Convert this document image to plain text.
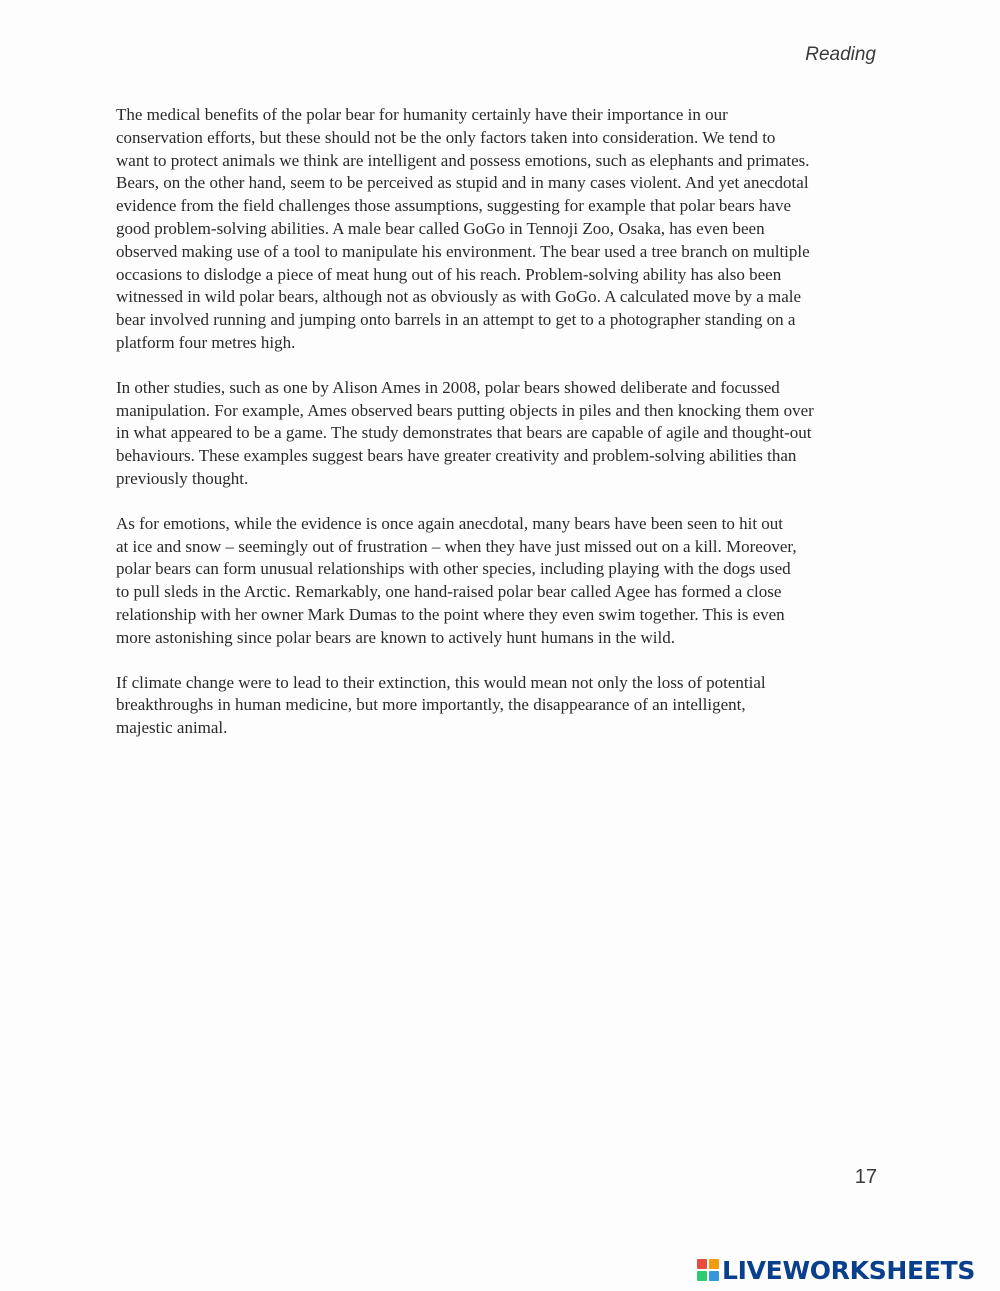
Reading

The medical benefits of the polar bear for humanity certainly have their importance in our
conservation efforts, but these should not be the only factors taken into consideration. We tend to
want to protect animals we think are intelligent and possess emotions, such as elephants and primates.
Bears, on the other hand, seem to be perceived as stupid and in many cases violent. And yet anecdotal
evidence from the field challenges those assumptions, suggesting for example that polar bears have
good problem-solving abilities. A male bear called GoGo in Tennoji Zoo, Osaka, has even been
observed making use of a tool to manipulate his environment. The bear used a tree branch on multiple
occasions to dislodge a piece of meat hung out of his reach. Problem-solving ability has also been
witnessed in wild polar bears, although not as obviously as with GoGo. A calculated move by a male
bear involved running and jumping onto barrels in an attempt to get to a photographer standing on a
platform four metres high.

In other studies, such as one by Alison Ames in 2008, polar bears showed deliberate and focussed
manipulation. For example, Ames observed bears putting objects in piles and then knocking them over
in what appeared to be a game. The study demonstrates that bears are capable of agile and thought-out
behaviours. These examples suggest bears have greater creativity and problem-solving abilities than
previously thought.

As for emotions, while the evidence is once again anecdotal, many bears have been seen to hit out
at ice and snow – seemingly out of frustration – when they have just missed out on a kill. Moreover,
polar bears can form unusual relationships with other species, including playing with the dogs used
to pull sleds in the Arctic. Remarkably, one hand-raised polar bear called Agee has formed a close
relationship with her owner Mark Dumas to the point where they even swim together. This is even
more astonishing since polar bears are known to actively hunt humans in the wild.

If climate change were to lead to their extinction, this would mean not only the loss of potential
breakthroughs in human medicine, but more importantly, the disappearance of an intelligent,
majestic animal.

17
LIVEWORKSHEETS
